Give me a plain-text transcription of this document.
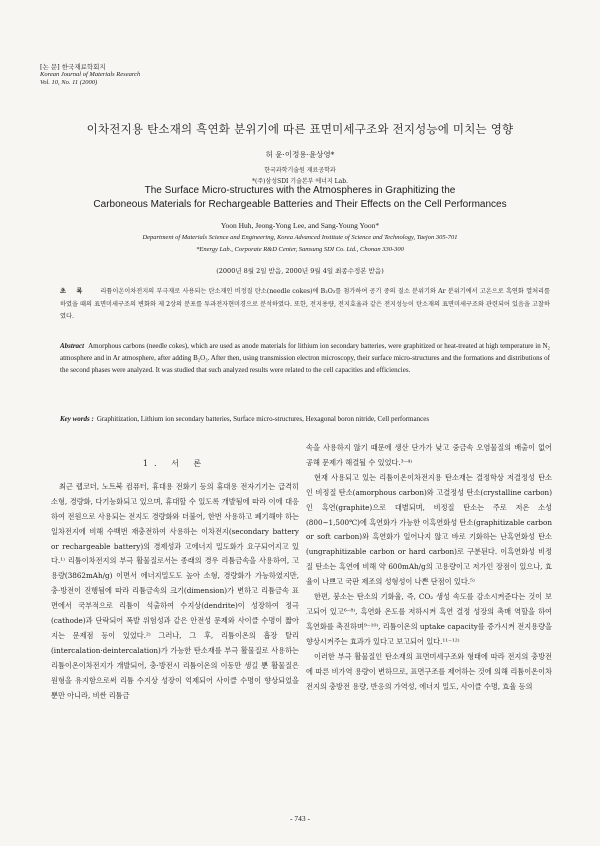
[논 문] 한국재료학회지
Korean Journal of Materials Research
Vol. 10, No. 11 (2000)
이차전지용 탄소재의 흑연화 분위기에 따른 표면미세구조와 전지성능에 미치는 영향
허 윤·이정용·윤상영*
한국과학기술원 재료공학과
*(주)삼성SDI 기술본부 에너지 Lab.
The Surface Micro-structures with the Atmospheres in Graphitizing the
Carboneous Materials for Rechargeable Batteries and Their Effects on the Cell Performances
Yoon Huh, Jeong-Yong Lee, and Sang-Young Yoon*
Department of Materials Science and Engineering, Korea Advanced Institute of Science and Technology, Taejon 305-701
*Energy Lab., Corporate R&D Center, Samsung SDI Co. Ltd., Chonan 330-300
(2000년 8월 2일 받음, 2000년 9월 4일 최종수정본 받음)
초 록 리튬이온이차전지의 부극재로 사용되는 탄소재인 비정질 탄소(needle cokes)에 B₂O₃를 첨가하여 공기 중의 질소 분위기와 Ar 분위기에서 고온으로 흑연화 열처리를 하였을 때의 표면미세구조의 변화와 제 2상의 분포를 투과전자현미경으로 분석하였다. 또한, 전지용량, 전지효율과 같은 전지성능이 탄소재의 표면미세구조와 관련되어 있음을 고찰하였다.
Abstract Amorphous carbons (needle cokes), which are used as anode materials for lithium ion secondary batteries, were graphitized or heat-treated at high temperature in N₂ atmosphere and in Ar atmosphere, after adding B₂O₃. After then, using transmission electron microscopy, their surface micro-structures and the formations and distributions of the second phases were analyzed. It was studied that such analyzed results were related to the cell capacities and efficiencies.
Key words : Graphitization, Lithium ion secondary batteries, Surface micro-structures, Hexagonal boron nitride, Cell performances
1. 서 론

최근 랩코더, 노트북 컴퓨터, 휴대용 전화기 등의 휴대용 전자기기는 급격히 소형, 경량화, 다기능화되고 있으며, 휴대할 수 있도록 개발됨에 따라 이에 대응하여 전원으로 사용되는 전지도 경량화와 더불어, 한번 사용하고 폐기해야 하는 일차전지에 비해 수백번 재충전하여 사용하는 이차전지(secondary battery or rechargeable battery)의 경제성과 고에너지 밀도화가 요구되어지고 있다.¹⁾ 리튬이차전지의 부극 활물질로서는 종래의 경우 리튬금속을 사용하여, 고용량(3862mAh/g) 이면서 에너지밀도도 높아 소형, 경량화가 가능하였지만, 충·방전이 진행됨에 따라 리튬금속의 크기(dimension)가 변하고 리튬금속 표면에서 국부적으로 리튬이 석출하여 수지상(dendrite)이 성장하여 정극(cathode)과 단락되어 폭발 위험성과 같은 안전성 문제와 사이클 수명이 짧아지는 문제점 등이 있었다.²⁾ 그러나, 그 후, 리튬이온의 흡장 탈리(intercalation·deintercalation)가 가능한 탄소재를 부극 활물질로 사용하는 리튬이온이차전지가 개발되어, 충·방전시 리튬이온의 이동만 생길 뿐 활물질은 원형을 유지함으로써 리튬 수지상 성장이 억제되어 사이클 수명이 향상되었을 뿐만 아니라, 비싼 리튬금

속을 사용하지 않기 때문에 생산 단가가 낮고 중금속 오염물질의 배출이 없어 공해 문제가 해결될 수 있었다.³⁻⁴⁾

현재 사용되고 있는 리튬이온이차전지용 탄소재는 결정학상 저결정성 탄소인 비정질 탄소(amorphous carbon)와 고결정성 탄소(crystalline carbon)인 흑연(graphite)으로 대별되며, 비정질 탄소는 주로 저온 소성 (800~1,500℃)에 흑연화가 가능한 이흑연화성 탄소(graphitizable carbon or soft carbon)와 흑연화가 일어나지 않고 바로 기화하는 난흑연화성 탄소(ungraphitizable carbon or hard carbon)로 구분된다. 이흑연화성 비정질 탄소는 흑연에 비해 약 600mAh/g의 고용량이고 저가인 장점이 있으나, 효율이 나쁘고 국판 제조의 성형성이 나쁜 단점이 있다.⁵⁾

한편, 붕소는 탄소의 기화율, 즉, CO₂ 생성 속도를 감소시켜준다는 것이 보고되어 있고⁶⁻⁸⁾, 흑연화 온도를 저하시켜 흑연 결정 성장의 촉매 역할을 하여 흑연화를 촉진하며⁹⁻¹⁰⁾, 리튬이온의 uptake capacity를 증가시켜 전지용량을 향상시켜주는 효과가 있다고 보고되어 있다.¹¹⁻¹²⁾

이러한 부극 활물질인 탄소재의 표면미세구조와 형태에 따라 전지의 충방전에 따른 비가역 용량이 변하므로, 표면구조를 제어하는 것에 의해 리튬이온이차전지의 충방전 용량, 반응의 가역성, 에너지 밀도, 사이클 수명, 효율 등의

- 743 -
